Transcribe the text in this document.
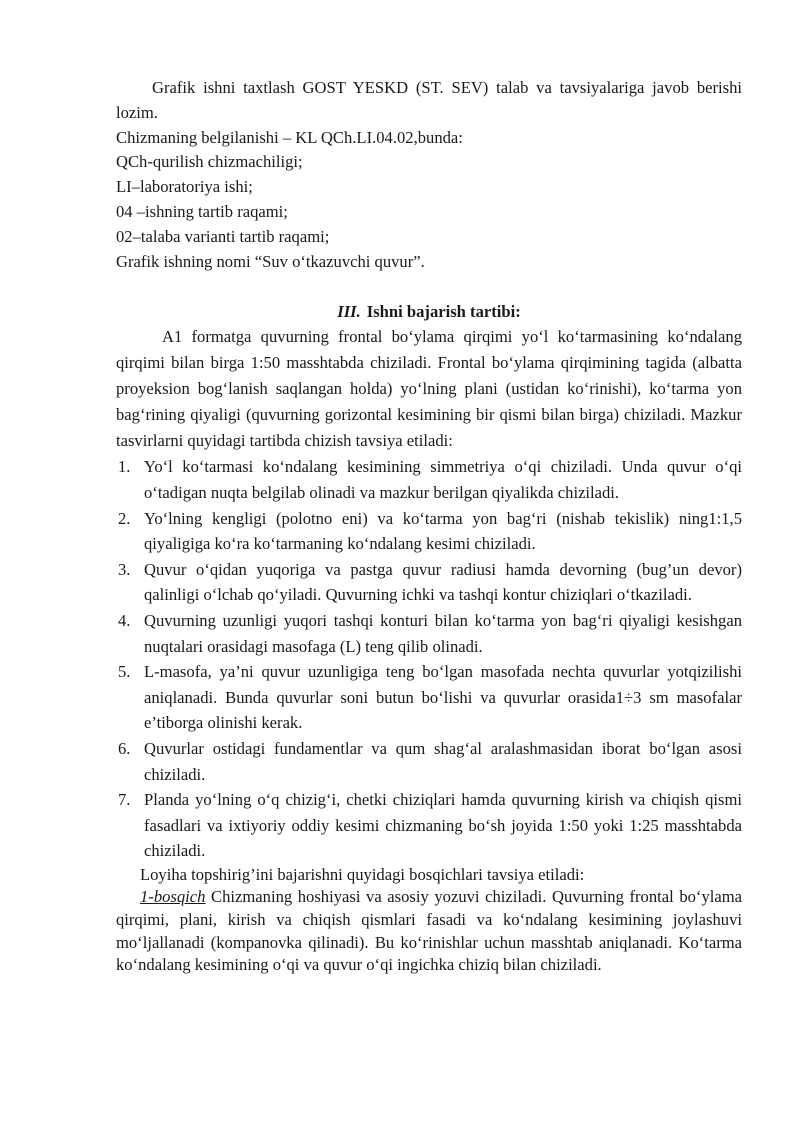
Grafik ishni taxtlash GOST YESKD (ST. SEV) talab va tavsiyalariga javob berishi lozim.

Chizmaning belgilanishi – KL QCh.LI.04.02,bunda:

QCh-qurilish chizmachiligi;

LI–laboratoriya ishi;

04 –ishning tartib raqami;

02–talaba varianti tartib raqami;

Grafik ishning nomi “Suv o‘tkazuvchi quvur”.

III. Ishni bajarish tartibi:

A1 formatga quvurning frontal bo‘ylama qirqimi yo‘l ko‘tarmasining ko‘ndalang qirqimi bilan birga 1:50 masshtabda chiziladi. Frontal bo‘ylama qirqimining tagida (albatta proyeksion bog‘lanish saqlangan holda) yo‘lning plani (ustidan ko‘rinishi), ko‘tarma yon bag‘rining qiyaligi (quvurning gorizontal kesimining bir qismi bilan birga) chiziladi. Mazkur tasvirlarni quyidagi tartibda chizish tavsiya etiladi:

1. Yo‘l ko‘tarmasi ko‘ndalang kesimining simmetriya o‘qi chiziladi. Unda quvur o‘qi o‘tadigan nuqta belgilab olinadi va mazkur berilgan qiyalikda chiziladi.
2. Yo‘lning kengligi (polotno eni) va ko‘tarma yon bag‘ri (nishab tekislik) ning1:1,5 qiyaligiga ko‘ra ko‘tarmaning ko‘ndalang kesimi chiziladi.
3. Quvur o‘qidan yuqoriga va pastga quvur radiusi hamda devorning (bug’un devor) qalinligi o‘lchab qo‘yiladi. Quvurning ichki va tashqi kontur chiziqlari o‘tkaziladi.
4. Quvurning uzunligi yuqori tashqi konturi bilan ko‘tarma yon bag‘ri qiyaligi kesishgan nuqtalari orasidagi masofaga (L) teng qilib olinadi.
5. L-masofa, ya’ni quvur uzunligiga teng bo‘lgan masofada nechta quvurlar yotqizilishi aniqlanadi. Bunda quvurlar soni butun bo‘lishi va quvurlar orasida1÷3 sm masofalar e’tiborga olinishi kerak.
6. Quvurlar ostidagi fundamentlar va qum shag‘al aralashmasidan iborat bo‘lgan asosi chiziladi.
7. Planda yo‘lning o‘q chizig‘i, chetki chiziqlari hamda quvurning kirish va chiqish qismi fasadlari va ixtiyoriy oddiy kesimi chizmaning bo‘sh joyida 1:50 yoki 1:25 masshtabda chiziladi.

Loyiha topshirig’ini bajarishni quyidagi bosqichlari tavsiya etiladi:

1-bosqich Chizmaning hoshiyasi va asosiy yozuvi chiziladi. Quvurning frontal bo‘ylama qirqimi, plani, kirish va chiqish qismlari fasadi va ko‘ndalang kesimining joylashuvi mo‘ljallanadi (kompanovka qilinadi). Bu ko‘rinishlar uchun masshtab aniqlanadi. Ko‘tarma ko‘ndalang kesimining o‘qi va quvur o‘qi ingichka chiziq bilan chiziladi.
